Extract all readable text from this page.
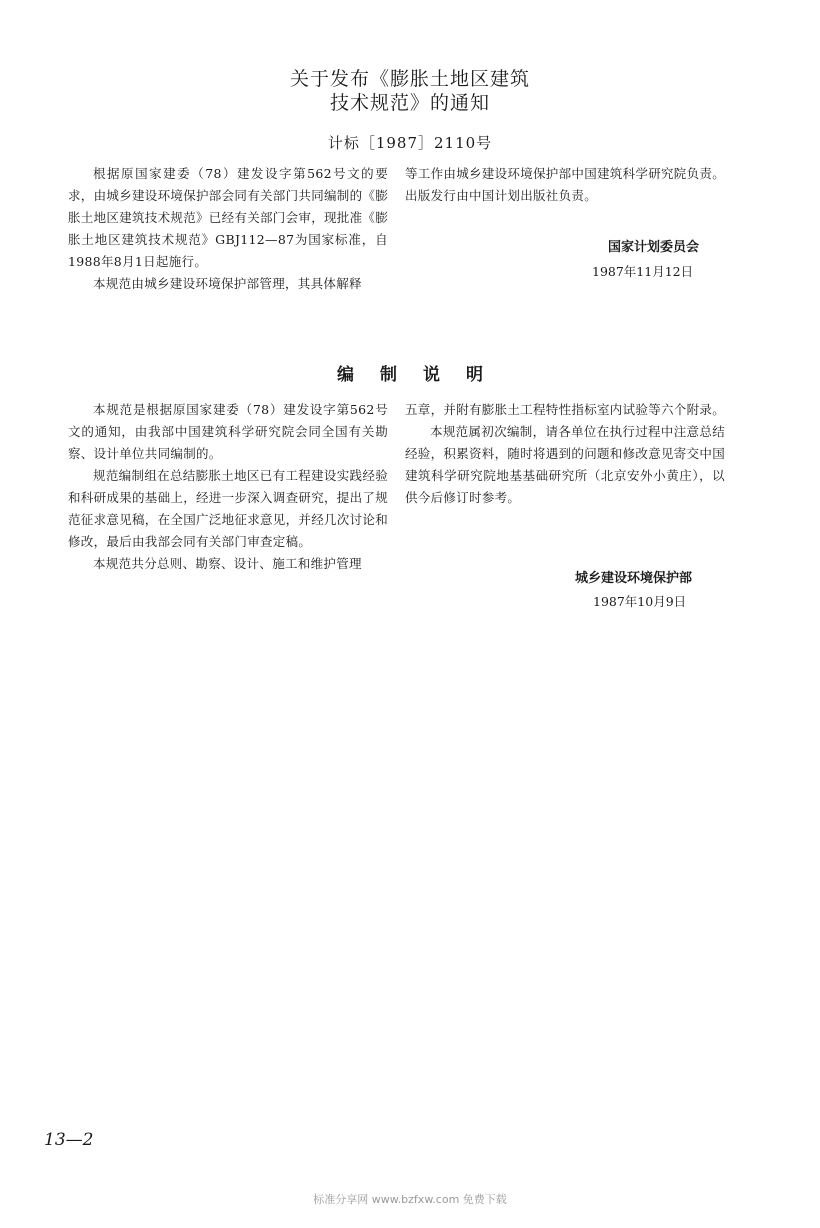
关于发布《膨胀土地区建筑
技术规范》的通知
计标［1987］2110号

根据原国家建委（78）建发设字第562号文的要求，由城乡建设环境保护部会同有关部门共同编制的《膨胀土地区建筑技术规范》已经有关部门会审，现批准《膨胀土地区建筑技术规范》GBJ112—87为国家标准，自1988年8月1日起施行。

本规范由城乡建设环境保护部管理，其具体解释

等工作由城乡建设环境保护部中国建筑科学研究院负责。出版发行由中国计划出版社负责。

国家计划委员会
1987年11月12日
编制说明

本规范是根据原国家建委（78）建发设字第562号文的通知，由我部中国建筑科学研究院会同全国有关勘察、设计单位共同编制的。

规范编制组在总结膨胀土地区已有工程建设实践经验和科研成果的基础上，经进一步深入调查研究，提出了规范征求意见稿，在全国广泛地征求意见，并经几次讨论和修改，最后由我部会同有关部门审查定稿。

本规范共分总则、勘察、设计、施工和维护管理

五章，并附有膨胀土工程特性指标室内试验等六个附录。

本规范属初次编制，请各单位在执行过程中注意总结经验，积累资料，随时将遇到的问题和修改意见寄交中国建筑科学研究院地基基础研究所（北京安外小黄庄），以供今后修订时参考。

城乡建设环境保护部
1987年10月9日
13—2
标准分享网 www.bzfxw.com 免费下载
